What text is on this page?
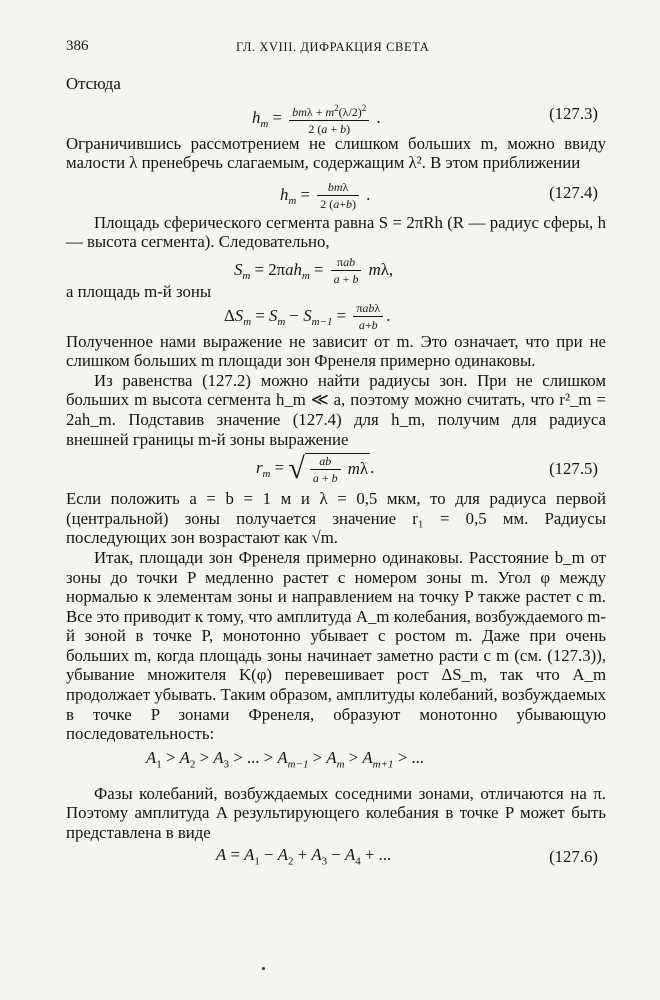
386	ГЛ. XVIII. ДИФРАКЦИЯ СВЕТА

Отсюда

$h_m = \frac{bm\lambda + m^2(\lambda/2)^2}{2 (a + b)}$ .	(127.3)

Ограничившись рассмотрением не слишком больших m, можно ввиду малости λ пренебречь слагаемым, содержащим λ². В этом приближении

$h_m = \frac{\text{bmλ}}{2 (a+b)}$ .	(127.4)

Площадь сферического сегмента равна S = 2πRh (R — радиус сферы, h — высота сегмента). Следовательно,

$S_m = 2\pi ah_m = \frac{\text{πab}}{a + b} m\lambda$,

а площадь m-й зоны

$\Delta S_m = S_m - S_{m-1} = \frac{\text{πabλ}}{a+b}$ .

Полученное нами выражение не зависит от m. Это означает, что при не слишком больших m площади зон Френеля примерно одинаковы.

Из равенства (127.2) можно найти радиусы зон. При не слишком больших m высота сегмента h_m ≪ a, поэтому можно считать, что r²_m = 2ah_m. Подставив значение (127.4) для h_m, получим для радиуса внешней границы m-й зоны выражение

$r_m$ = √ $\frac{ab}{a + b}$ mλ .	(127.5)

Если положить a = b = 1 м и λ = 0,5 мкм, то для радиуса первой (центральной) зоны получается значение r₁ = 0,5 мм. Радиусы последующих зон возрастают как √m.

Итак, площади зон Френеля примерно одинаковы. Расстояние b_m от зоны до точки P медленно растет с номером зоны m. Угол φ между нормалью к элементам зоны и направлением на точку P также растет с m. Все это приводит к тому, что амплитуда A_m колебания, возбуждаемого m-й зоной в точке P, монотонно убывает с ростом m. Даже при очень больших m, когда площадь зоны начинает заметно расти с m (см. (127.3)), убывание множителя K(φ) перевешивает рост ΔS_m, так что A_m продолжает убывать. Таким образом, амплитуды колебаний, возбуждаемых в точке P зонами Френеля, образуют монотонно убывающую последовательность:

$A_1 > A_2 > A_3$ > ... > $A_{m-1} > A_m > A_{m+1}$ > ...

Фазы колебаний, возбуждаемых соседними зонами, отличаются на π. Поэтому амплитуда A результирующего колебания в точке P может быть представлена в виде

$A = A_1 - A_2 + A_3 - A_4$ + ...	(127.6)
